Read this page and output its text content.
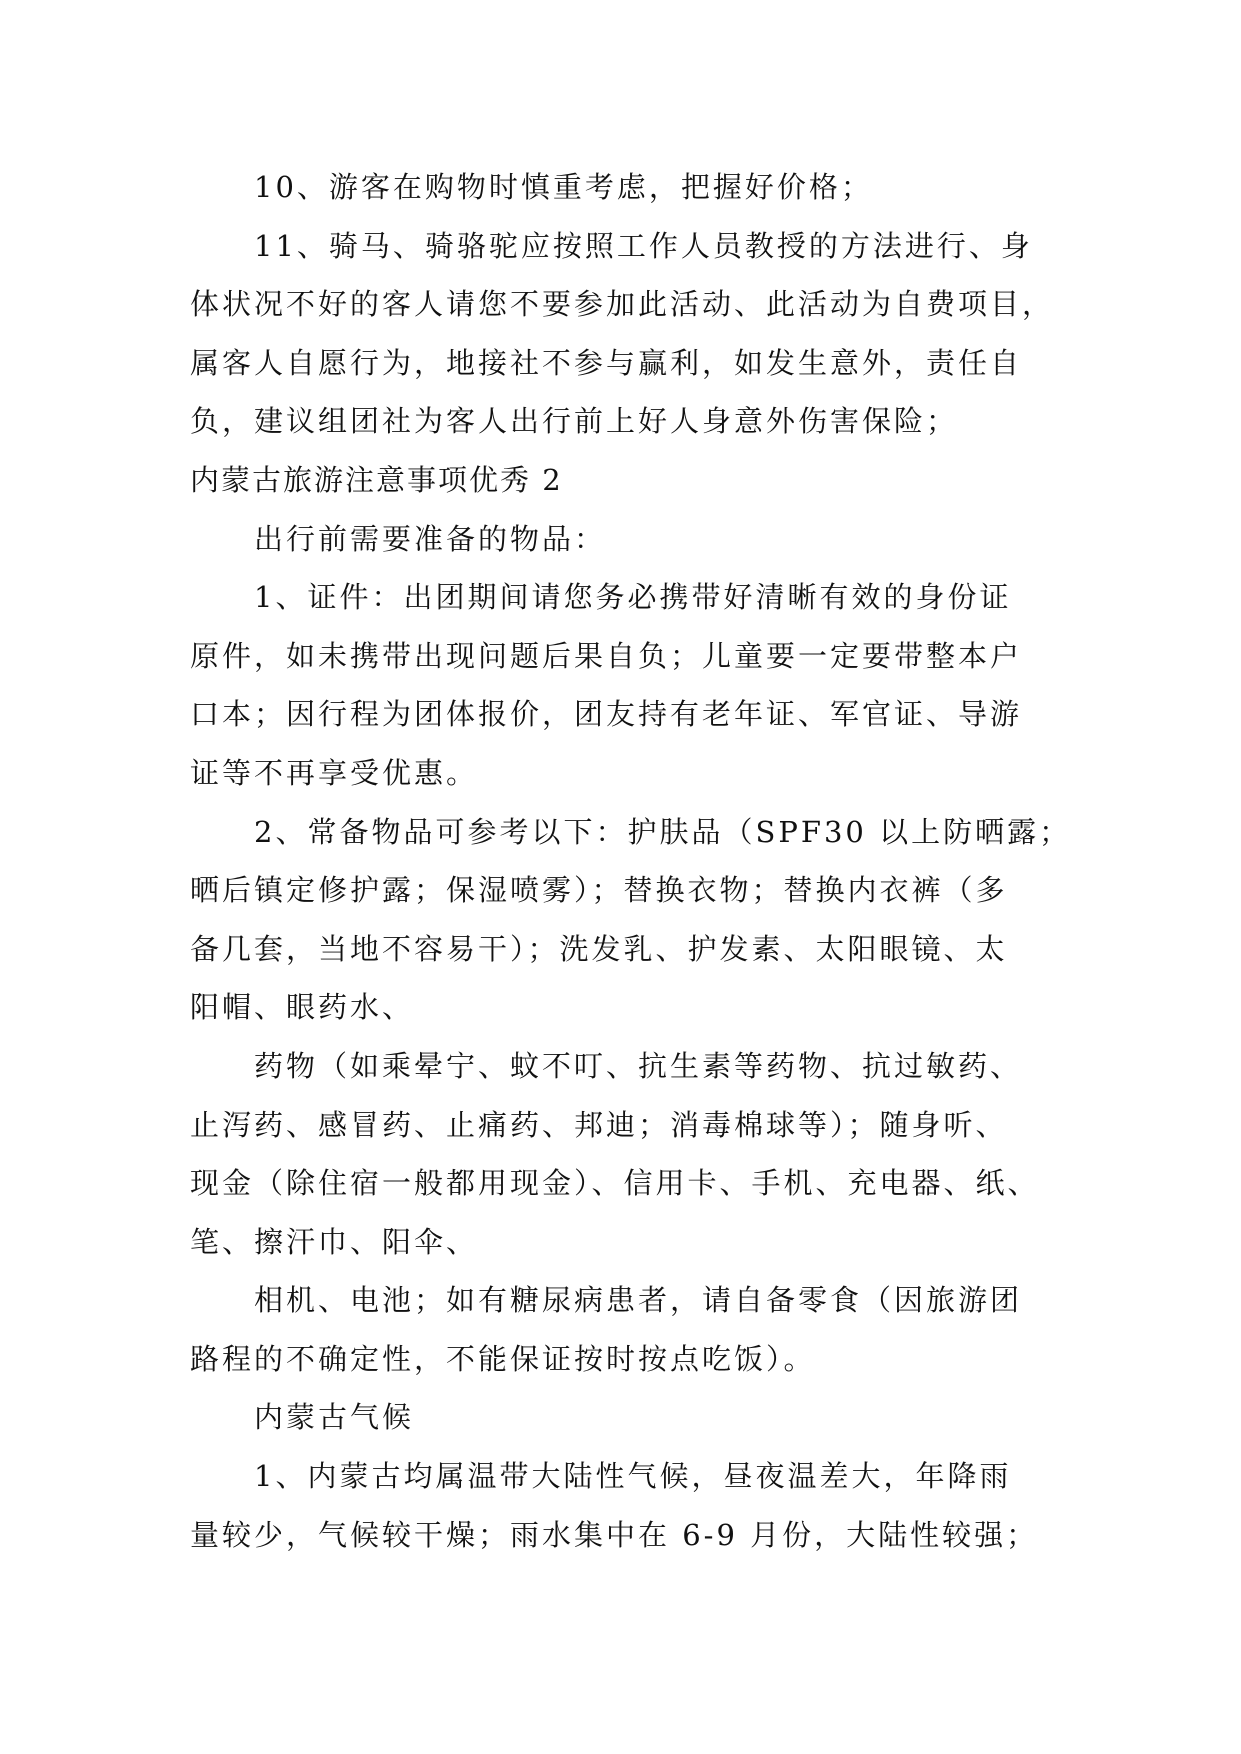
10、游客在购物时慎重考虑，把握好价格；
11、骑马、骑骆驼应按照工作人员教授的方法进行、身
体状况不好的客人请您不要参加此活动、此活动为自费项目，
属客人自愿行为，地接社不参与赢利，如发生意外，责任自
负，建议组团社为客人出行前上好人身意外伤害保险；
内蒙古旅游注意事项优秀 2
出行前需要准备的物品：
1、证件：出团期间请您务必携带好清晰有效的身份证
原件，如未携带出现问题后果自负；儿童要一定要带整本户
口本；因行程为团体报价，团友持有老年证、军官证、导游
证等不再享受优惠。
2、常备物品可参考以下：护肤品（SPF30 以上防晒露；
晒后镇定修护露；保湿喷雾）；替换衣物；替换内衣裤（多
备几套，当地不容易干）；洗发乳、护发素、太阳眼镜、太
阳帽、眼药水、
药物（如乘晕宁、蚊不叮、抗生素等药物、抗过敏药、
止泻药、感冒药、止痛药、邦迪；消毒棉球等）；随身听、
现金（除住宿一般都用现金）、信用卡、手机、充电器、纸、
笔、擦汗巾、阳伞、
相机、电池；如有糖尿病患者，请自备零食（因旅游团
路程的不确定性，不能保证按时按点吃饭）。
内蒙古气候
1、内蒙古均属温带大陆性气候，昼夜温差大，年降雨
量较少，气候较干燥；雨水集中在 6-9 月份，大陆性较强；
